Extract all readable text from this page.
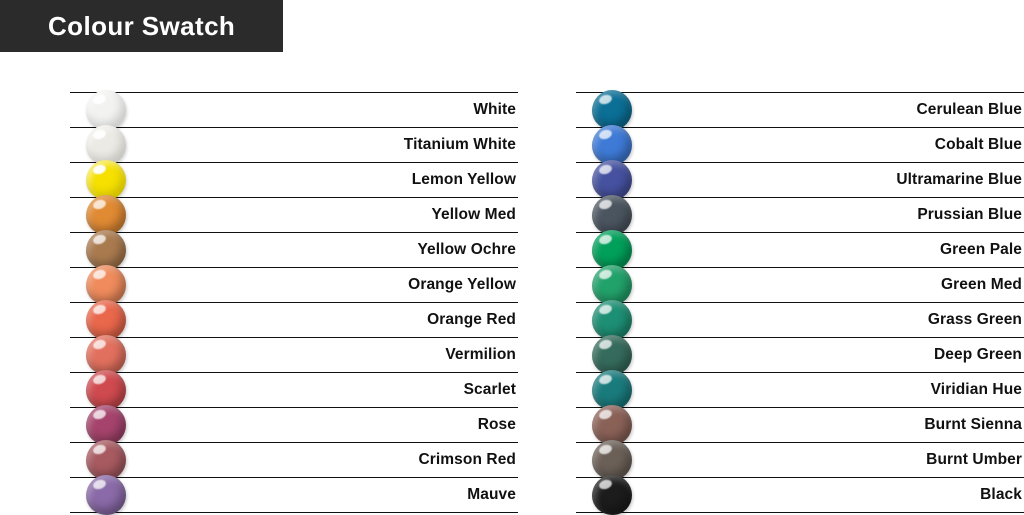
Colour Swatch
White
Titanium White
Lemon Yellow
Yellow Med
Yellow Ochre
Orange Yellow
Orange Red
Vermilion
Scarlet
Rose
Crimson Red
Mauve
Cerulean Blue
Cobalt Blue
Ultramarine Blue
Prussian Blue
Green Pale
Green Med
Grass Green
Deep Green
Viridian Hue
Burnt Sienna
Burnt Umber
Black
